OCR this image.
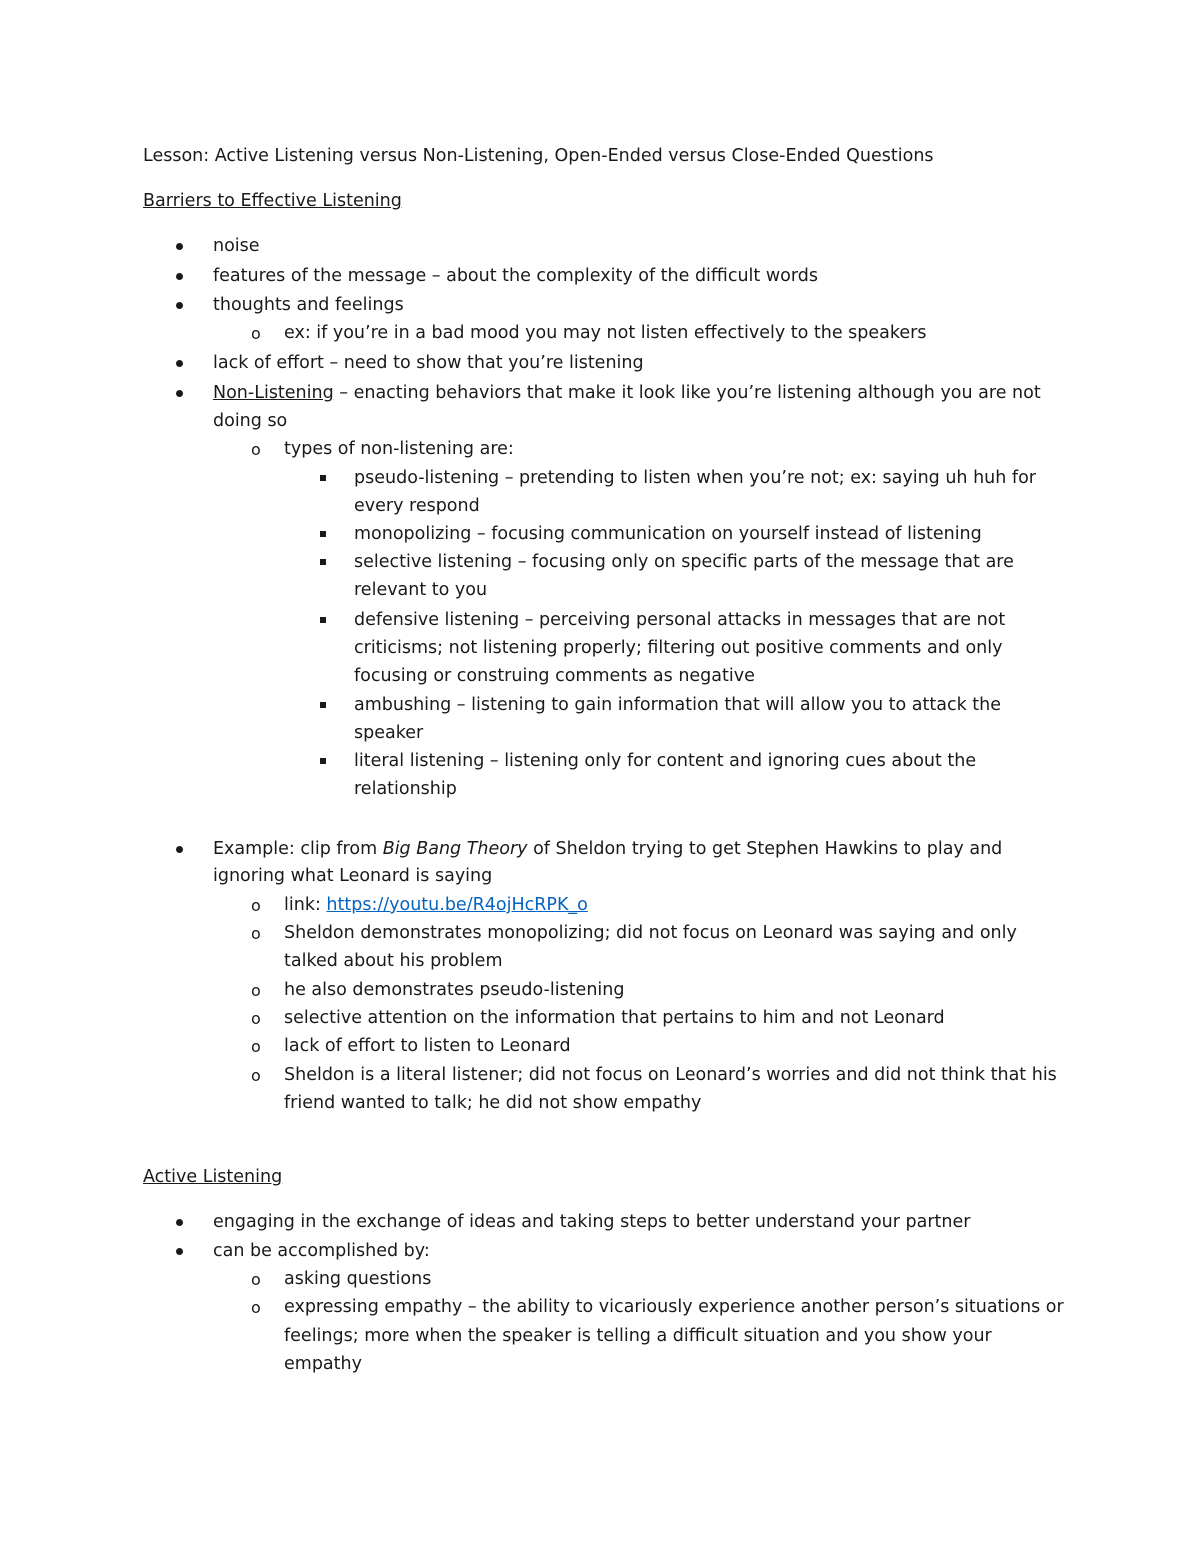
Lesson: Active Listening versus Non-Listening, Open-Ended versus Close-Ended Questions
Barriers to Effective Listening
noise
features of the message – about the complexity of the difficult words
thoughts and feelings
o ex: if you’re in a bad mood you may not listen effectively to the speakers
lack of effort – need to show that you’re listening
Non-Listening – enacting behaviors that make it look like you’re listening although you are not
doing so
o types of non-listening are:
pseudo-listening – pretending to listen when you’re not; ex: saying uh huh for
every respond
monopolizing – focusing communication on yourself instead of listening
selective listening – focusing only on specific parts of the message that are
relevant to you
defensive listening – perceiving personal attacks in messages that are not
criticisms; not listening properly; filtering out positive comments and only
focusing or construing comments as negative
ambushing – listening to gain information that will allow you to attack the
speaker
literal listening – listening only for content and ignoring cues about the
relationship
Example: clip from Big Bang Theory of Sheldon trying to get Stephen Hawkins to play and
ignoring what Leonard is saying
o link: https://youtu.be/R4ojHcRPK_o
o Sheldon demonstrates monopolizing; did not focus on Leonard was saying and only
talked about his problem
o he also demonstrates pseudo-listening
o selective attention on the information that pertains to him and not Leonard
o lack of effort to listen to Leonard
o Sheldon is a literal listener; did not focus on Leonard’s worries and did not think that his
friend wanted to talk; he did not show empathy
Active Listening
engaging in the exchange of ideas and taking steps to better understand your partner
can be accomplished by:
o asking questions
o expressing empathy – the ability to vicariously experience another person’s situations or
feelings; more when the speaker is telling a difficult situation and you show your
empathy
